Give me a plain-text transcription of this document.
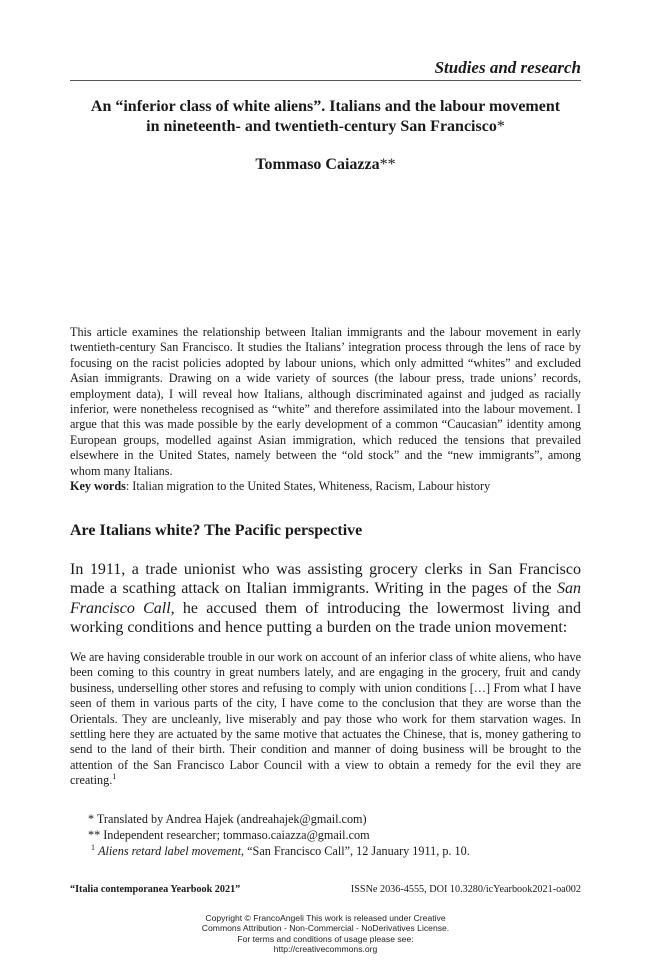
Studies and research
An “inferior class of white aliens”. Italians and the labour movement
in nineteenth- and twentieth-century San Francisco*
Tommaso Caiazza**

This article examines the relationship between Italian immigrants and the labour movement in early twentieth-century San Francisco. It studies the Italians’ integration process through the lens of race by focusing on the racist policies adopted by labour unions, which only admitted “whites” and excluded Asian immigrants. Drawing on a wide variety of sources (the labour press, trade unions’ records, employment data), I will reveal how Italians, although discriminated against and judged as racially inferior, were nonetheless recognised as “white” and therefore assimilated into the labour movement. I argue that this was made possible by the early development of a common “Caucasian” identity among European groups, modelled against Asian immigration, which reduced the tensions that prevailed elsewhere in the United States, namely between the “old stock” and the “new immigrants”, among whom many Italians.

Key words: Italian migration to the United States, Whiteness, Racism, Labour history

Are Italians white? The Pacific perspective

In 1911, a trade unionist who was assisting grocery clerks in San Francisco made a scathing attack on Italian immigrants. Writing in the pages of the San Francisco Call, he accused them of introducing the lowermost living and working conditions and hence putting a burden on the trade union movement:

We are having considerable trouble in our work on account of an inferior class of white aliens, who have been coming to this country in great numbers lately, and are engaging in the grocery, fruit and candy business, underselling other stores and refusing to comply with union conditions […] From what I have seen of them in various parts of the city, I have come to the conclusion that they are worse than the Orientals. They are uncleanly, live miserably and pay those who work for them starvation wages. In settling here they are actuated by the same motive that actuates the Chinese, that is, money gathering to send to the land of their birth. Their condition and manner of doing business will be brought to the attention of the San Francisco Labor Council with a view to obtain a remedy for the evil they are creating.$^1$

* Translated by Andrea Hajek (andreahajek@gmail.com)
** Independent researcher; tommaso.caiazza@gmail.com
$^1$ Aliens retard label movement, “San Francisco Call”, 12 January 1911, p. 10.
“Italia contemporanea Yearbook 2021”	ISSNe 2036-4555, DOI 10.3280/icYearbook2021-oa002
Copyright © FrancoAngeli This work is released under Creative
Commons Attribution - Non-Commercial - NoDerivatives License.
For terms and conditions of usage please see:
http://creativecommons.org
